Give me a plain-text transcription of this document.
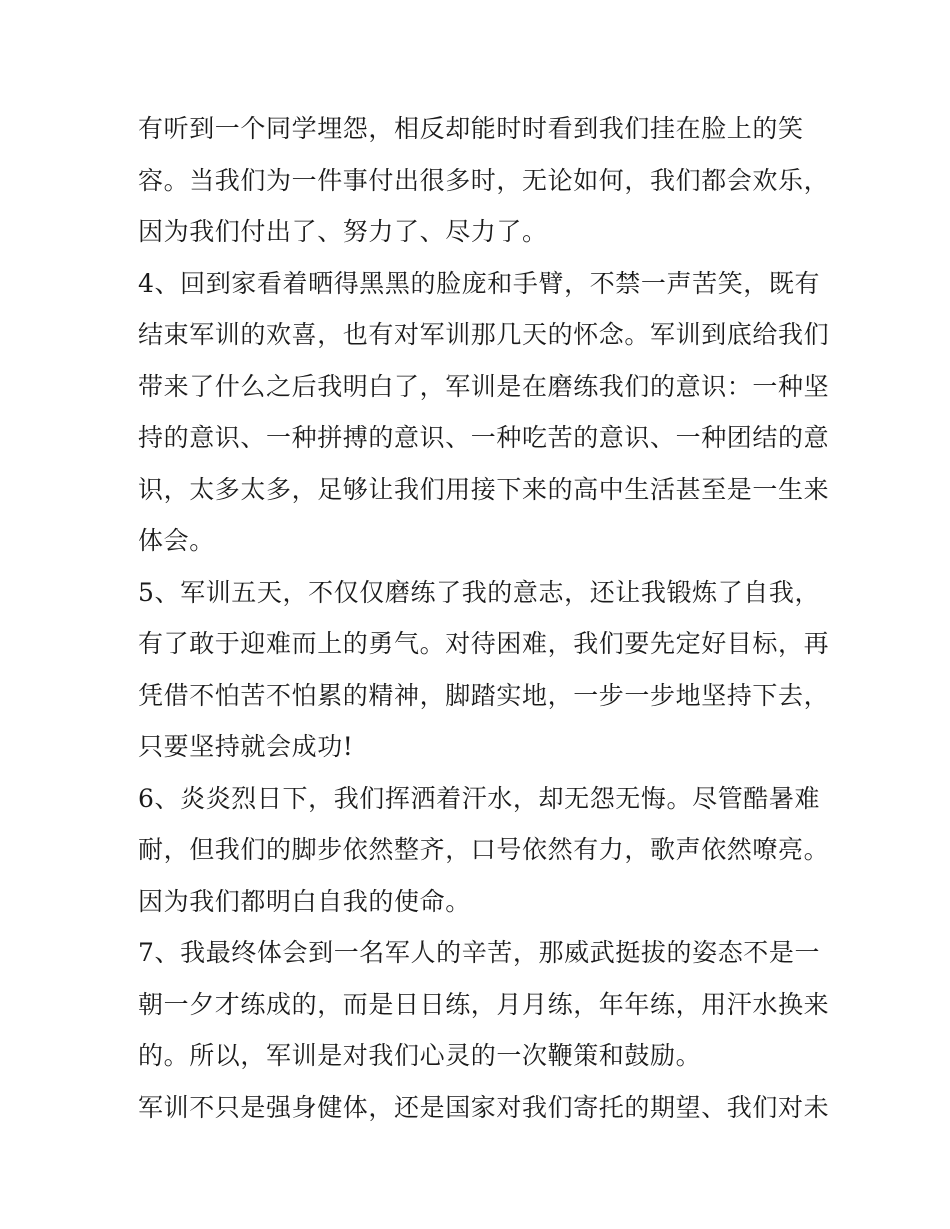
有听到一个同学埋怨，相反却能时时看到我们挂在脸上的笑
容。当我们为一件事付出很多时，无论如何，我们都会欢乐，
因为我们付出了、努力了、尽力了。
4、回到家看着晒得黑黑的脸庞和手臂，不禁一声苦笑，既有
结束军训的欢喜，也有对军训那几天的怀念。军训到底给我们
带来了什么之后我明白了，军训是在磨练我们的意识：一种坚
持的意识、一种拼搏的意识、一种吃苦的意识、一种团结的意
识，太多太多，足够让我们用接下来的高中生活甚至是一生来
体会。
5、军训五天，不仅仅磨练了我的意志，还让我锻炼了自我，
有了敢于迎难而上的勇气。对待困难，我们要先定好目标，再
凭借不怕苦不怕累的精神，脚踏实地，一步一步地坚持下去，
只要坚持就会成功!
6、炎炎烈日下，我们挥洒着汗水，却无怨无悔。尽管酷暑难
耐，但我们的脚步依然整齐，口号依然有力，歌声依然嘹亮。
因为我们都明白自我的使命。
7、我最终体会到一名军人的辛苦，那威武挺拔的姿态不是一
朝一夕才练成的，而是日日练，月月练，年年练，用汗水换来
的。所以，军训是对我们心灵的一次鞭策和鼓励。
军训不只是强身健体，还是国家对我们寄托的期望、我们对未
